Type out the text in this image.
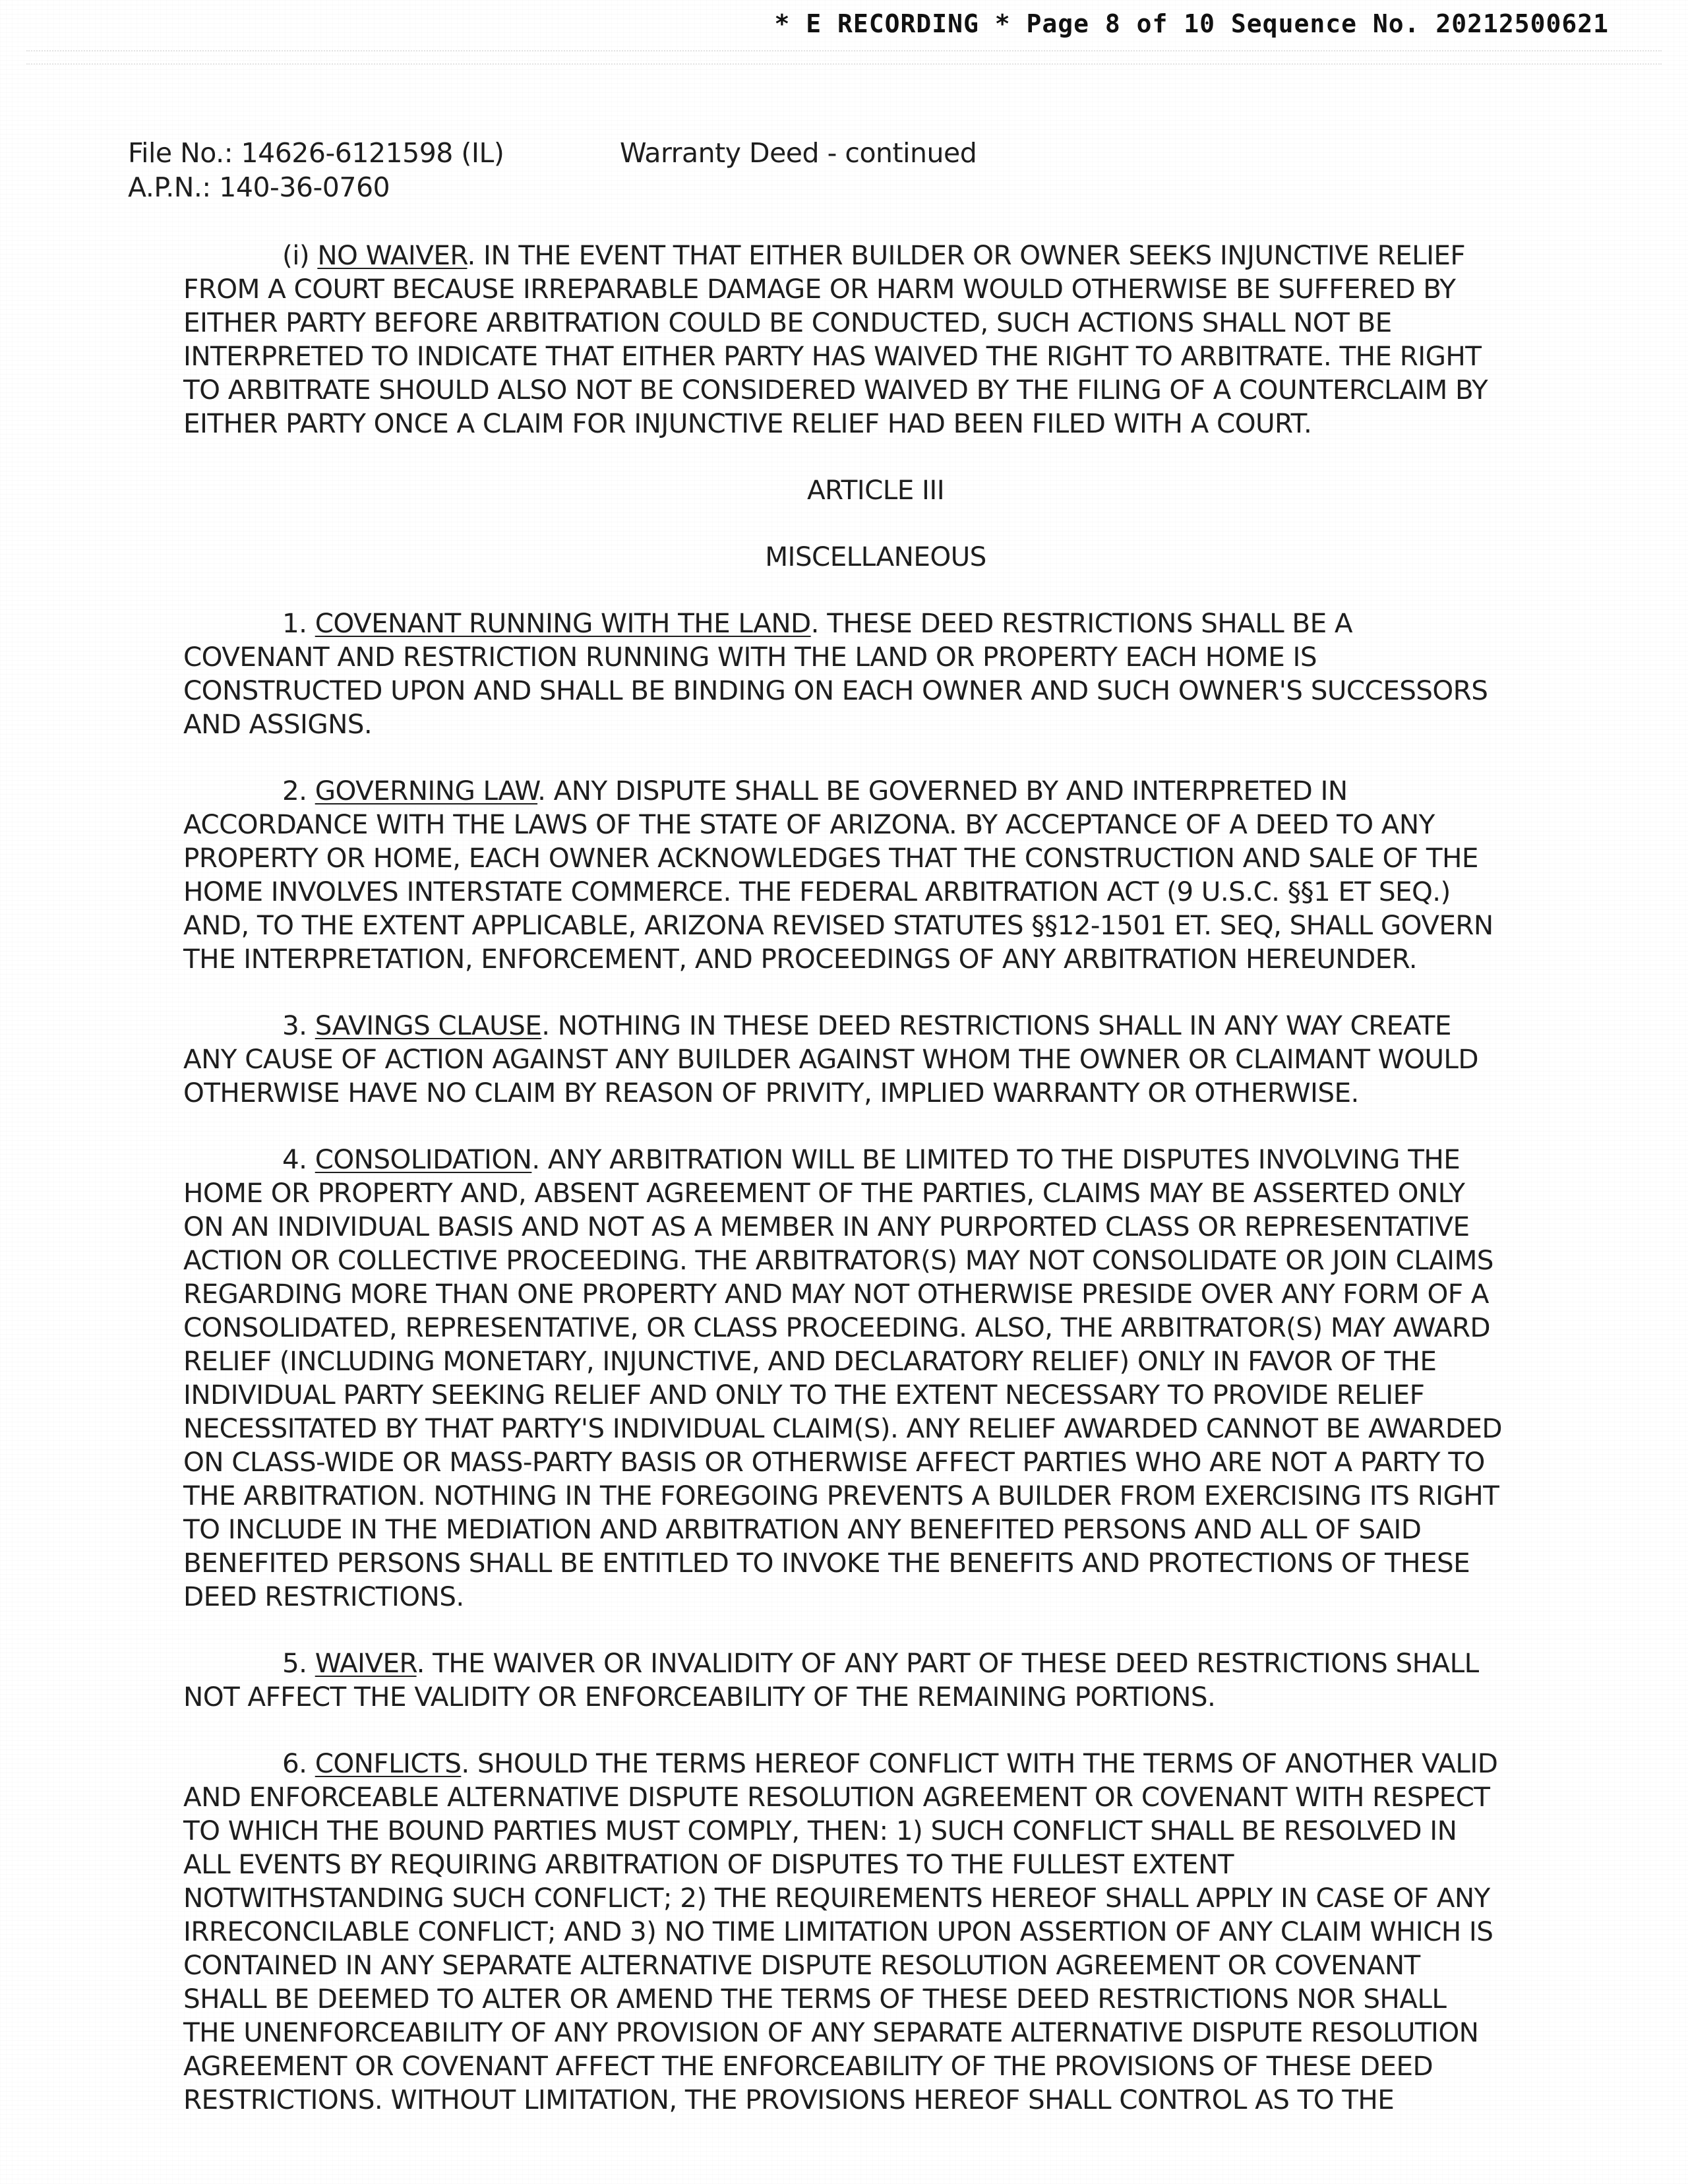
* E RECORDING * Page 8 of 10 Sequence No. 20212500621
File No.: 14626-6121598 (IL)
A.P.N.: 140-36-0760
Warranty Deed - continued

(i) NO WAIVER. IN THE EVENT THAT EITHER BUILDER OR OWNER SEEKS INJUNCTIVE RELIEF FROM A COURT BECAUSE IRREPARABLE DAMAGE OR HARM WOULD OTHERWISE BE SUFFERED BY EITHER PARTY BEFORE ARBITRATION COULD BE CONDUCTED, SUCH ACTIONS SHALL NOT BE INTERPRETED TO INDICATE THAT EITHER PARTY HAS WAIVED THE RIGHT TO ARBITRATE. THE RIGHT TO ARBITRATE SHOULD ALSO NOT BE CONSIDERED WAIVED BY THE FILING OF A COUNTERCLAIM BY EITHER PARTY ONCE A CLAIM FOR INJUNCTIVE RELIEF HAD BEEN FILED WITH A COURT.

ARTICLE III
MISCELLANEOUS

1. COVENANT RUNNING WITH THE LAND. THESE DEED RESTRICTIONS SHALL BE A COVENANT AND RESTRICTION RUNNING WITH THE LAND OR PROPERTY EACH HOME IS CONSTRUCTED UPON AND SHALL BE BINDING ON EACH OWNER AND SUCH OWNER'S SUCCESSORS AND ASSIGNS.

2. GOVERNING LAW. ANY DISPUTE SHALL BE GOVERNED BY AND INTERPRETED IN ACCORDANCE WITH THE LAWS OF THE STATE OF ARIZONA. BY ACCEPTANCE OF A DEED TO ANY PROPERTY OR HOME, EACH OWNER ACKNOWLEDGES THAT THE CONSTRUCTION AND SALE OF THE HOME INVOLVES INTERSTATE COMMERCE. THE FEDERAL ARBITRATION ACT (9 U.S.C. §§1 ET SEQ.) AND, TO THE EXTENT APPLICABLE, ARIZONA REVISED STATUTES §§12-1501 ET. SEQ, SHALL GOVERN THE INTERPRETATION, ENFORCEMENT, AND PROCEEDINGS OF ANY ARBITRATION HEREUNDER.

3. SAVINGS CLAUSE. NOTHING IN THESE DEED RESTRICTIONS SHALL IN ANY WAY CREATE ANY CAUSE OF ACTION AGAINST ANY BUILDER AGAINST WHOM THE OWNER OR CLAIMANT WOULD OTHERWISE HAVE NO CLAIM BY REASON OF PRIVITY, IMPLIED WARRANTY OR OTHERWISE.

4. CONSOLIDATION. ANY ARBITRATION WILL BE LIMITED TO THE DISPUTES INVOLVING THE HOME OR PROPERTY AND, ABSENT AGREEMENT OF THE PARTIES, CLAIMS MAY BE ASSERTED ONLY ON AN INDIVIDUAL BASIS AND NOT AS A MEMBER IN ANY PURPORTED CLASS OR REPRESENTATIVE ACTION OR COLLECTIVE PROCEEDING. THE ARBITRATOR(S) MAY NOT CONSOLIDATE OR JOIN CLAIMS REGARDING MORE THAN ONE PROPERTY AND MAY NOT OTHERWISE PRESIDE OVER ANY FORM OF A CONSOLIDATED, REPRESENTATIVE, OR CLASS PROCEEDING. ALSO, THE ARBITRATOR(S) MAY AWARD RELIEF (INCLUDING MONETARY, INJUNCTIVE, AND DECLARATORY RELIEF) ONLY IN FAVOR OF THE INDIVIDUAL PARTY SEEKING RELIEF AND ONLY TO THE EXTENT NECESSARY TO PROVIDE RELIEF NECESSITATED BY THAT PARTY'S INDIVIDUAL CLAIM(S). ANY RELIEF AWARDED CANNOT BE AWARDED ON CLASS-WIDE OR MASS-PARTY BASIS OR OTHERWISE AFFECT PARTIES WHO ARE NOT A PARTY TO THE ARBITRATION. NOTHING IN THE FOREGOING PREVENTS A BUILDER FROM EXERCISING ITS RIGHT TO INCLUDE IN THE MEDIATION AND ARBITRATION ANY BENEFITED PERSONS AND ALL OF SAID BENEFITED PERSONS SHALL BE ENTITLED TO INVOKE THE BENEFITS AND PROTECTIONS OF THESE DEED RESTRICTIONS.

5. WAIVER. THE WAIVER OR INVALIDITY OF ANY PART OF THESE DEED RESTRICTIONS SHALL NOT AFFECT THE VALIDITY OR ENFORCEABILITY OF THE REMAINING PORTIONS.

6. CONFLICTS. SHOULD THE TERMS HEREOF CONFLICT WITH THE TERMS OF ANOTHER VALID AND ENFORCEABLE ALTERNATIVE DISPUTE RESOLUTION AGREEMENT OR COVENANT WITH RESPECT TO WHICH THE BOUND PARTIES MUST COMPLY, THEN: 1) SUCH CONFLICT SHALL BE RESOLVED IN ALL EVENTS BY REQUIRING ARBITRATION OF DISPUTES TO THE FULLEST EXTENT NOTWITHSTANDING SUCH CONFLICT; 2) THE REQUIREMENTS HEREOF SHALL APPLY IN CASE OF ANY IRRECONCILABLE CONFLICT; AND 3) NO TIME LIMITATION UPON ASSERTION OF ANY CLAIM WHICH IS CONTAINED IN ANY SEPARATE ALTERNATIVE DISPUTE RESOLUTION AGREEMENT OR COVENANT SHALL BE DEEMED TO ALTER OR AMEND THE TERMS OF THESE DEED RESTRICTIONS NOR SHALL THE UNENFORCEABILITY OF ANY PROVISION OF ANY SEPARATE ALTERNATIVE DISPUTE RESOLUTION AGREEMENT OR COVENANT AFFECT THE ENFORCEABILITY OF THE PROVISIONS OF THESE DEED RESTRICTIONS. WITHOUT LIMITATION, THE PROVISIONS HEREOF SHALL CONTROL AS TO THE
